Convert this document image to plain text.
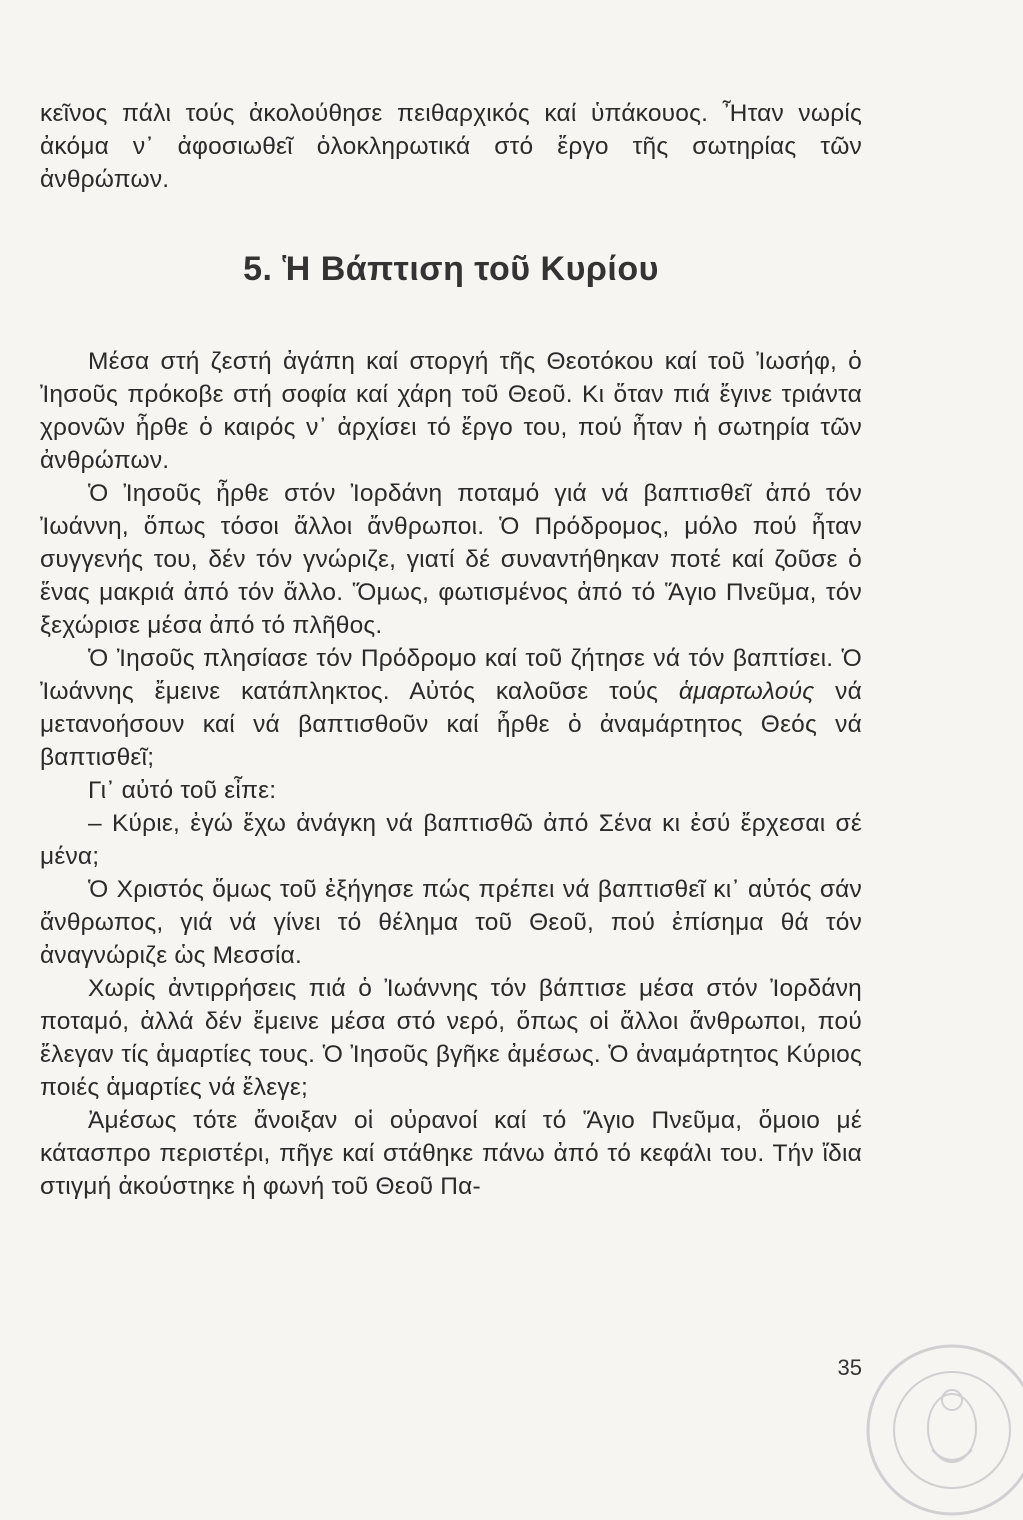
κεῖνος πάλι τούς ἀκολούθησε πειθαρχικός καί ὑπάκουος. Ἦταν νωρίς ἀκόμα ν᾽ ἀφοσιωθεῖ ὁλοκληρωτικά στό ἔργο τῆς σωτηρίας τῶν ἀνθρώπων.

5. Ἡ Βάπτιση τοῦ Κυρίου

Μέσα στή ζεστή ἀγάπη καί στοργή τῆς Θεοτόκου καί τοῦ Ἰωσήφ, ὁ Ἰησοῦς πρόκοβε στή σοφία καί χάρη τοῦ Θεοῦ. Κι ὅταν πιά ἔγινε τριάντα χρονῶν ἦρθε ὁ καιρός ν᾽ ἀρχίσει τό ἔργο του, πού ἦταν ἡ σωτηρία τῶν ἀνθρώπων.

Ὁ Ἰησοῦς ἦρθε στόν Ἰορδάνη ποταμό γιά νά βαπτισθεῖ ἀπό τόν Ἰωάννη, ὅπως τόσοι ἄλλοι ἄνθρωποι. Ὁ Πρόδρομος, μόλο πού ἦταν συγγενής του, δέν τόν γνώριζε, γιατί δέ συναντήθηκαν ποτέ καί ζοῦσε ὁ ἕνας μακριά ἀπό τόν ἄλλο. Ὅμως, φωτισμένος ἀπό τό Ἅγιο Πνεῦμα, τόν ξεχώρισε μέσα ἀπό τό πλῆθος.

Ὁ Ἰησοῦς πλησίασε τόν Πρόδρομο καί τοῦ ζήτησε νά τόν βαπτίσει. Ὁ Ἰωάννης ἔμεινε κατάπληκτος. Αὐτός καλοῦσε τούς ἁμαρτωλούς νά μετανοήσουν καί νά βαπτισθοῦν καί ἦρθε ὁ ἀναμάρτητος Θεός νά βαπτισθεῖ;

Γι᾽ αὐτό τοῦ εἶπε:

– Κύριε, ἐγώ ἔχω ἀνάγκη νά βαπτισθῶ ἀπό Σένα κι ἐσύ ἔρχεσαι σέ μένα;

Ὁ Χριστός ὅμως τοῦ ἐξήγησε πώς πρέπει νά βαπτισθεῖ κι᾽ αὐτός σάν ἄνθρωπος, γιά νά γίνει τό θέλημα τοῦ Θεοῦ, πού ἐπίσημα θά τόν ἀναγνώριζε ὡς Μεσσία.

Χωρίς ἀντιρρήσεις πιά ὁ Ἰωάννης τόν βάπτισε μέσα στόν Ἰορδάνη ποταμό, ἀλλά δέν ἔμεινε μέσα στό νερό, ὅπως οἱ ἄλλοι ἄνθρωποι, πού ἔλεγαν τίς ἁμαρτίες τους. Ὁ Ἰησοῦς βγῆκε ἀμέσως. Ὁ ἀναμάρτητος Κύριος ποιές ἁμαρτίες νά ἔλεγε;

Ἀμέσως τότε ἄνοιξαν οἱ οὐρανοί καί τό Ἅγιο Πνεῦμα, ὅμοιο μέ κάτασπρο περιστέρι, πῆγε καί στάθηκε πάνω ἀπό τό κεφάλι του. Τήν ἴδια στιγμή ἀκούστηκε ἡ φωνή τοῦ Θεοῦ Πα-

35
